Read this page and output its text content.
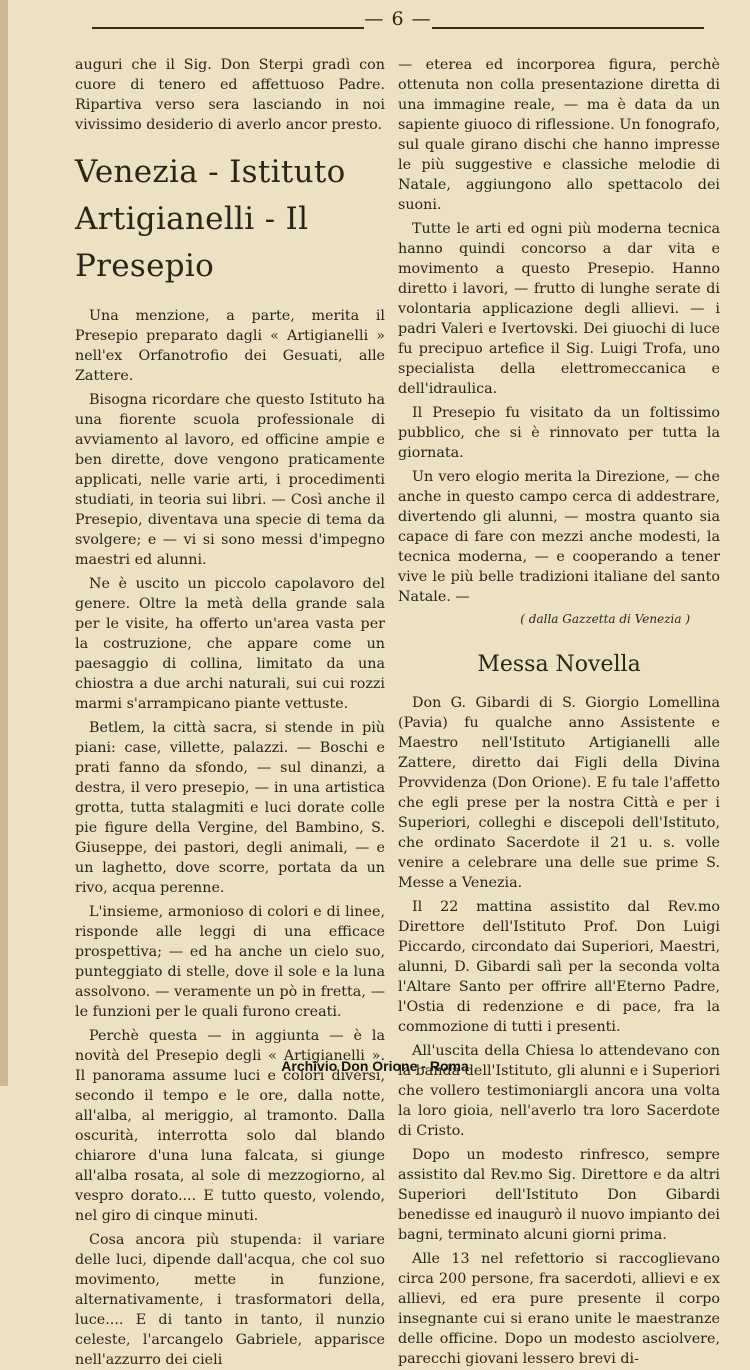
— 6 —

auguri che il Sig. Don Sterpi gradì con cuore di tenero ed affettuoso Padre. Ripartiva verso sera lasciando in noi vivissimo desiderio di averlo ancor presto.

Venezia - Istituto Artigianelli - Il Presepio

Una menzione, a parte, merita il Presepio preparato dagli « Artigianelli » nell'ex Orfanotrofio dei Gesuati, alle Zattere.

Bisogna ricordare che questo Istituto ha una fiorente scuola professionale di avviamento al lavoro, ed officine ampie e ben dirette, dove vengono praticamente applicati, nelle varie arti, i procedimenti studiati, in teoria sui libri. — Così anche il Presepio, diventava una specie di tema da svolgere; e — vi si sono messi d'impegno maestri ed alunni.

Ne è uscito un piccolo capolavoro del genere. Oltre la metà della grande sala per le visite, ha offerto un'area vasta per la costruzione, che appare come un paesaggio di collina, limitato da una chiostra a due archi naturali, sui cui rozzi marmi s'arrampicano piante vettuste.

Betlem, la città sacra, si stende in più piani: case, villette, palazzi. — Boschi e prati fanno da sfondo, — sul dinanzi, a destra, il vero presepio, — in una artistica grotta, tutta stalagmiti e luci dorate colle pie figure della Vergine, del Bambino, S. Giuseppe, dei pastori, degli animali, — e un laghetto, dove scorre, portata da un rivo, acqua perenne.

L'insieme, armonioso di colori e di linee, risponde alle leggi di una efficace prospettiva; — ed ha anche un cielo suo, punteggiato di stelle, dove il sole e la luna assolvono. — veramente un pò in fretta, — le funzioni per le quali furono creati.

Perchè questa — in aggiunta — è la novità del Presepio degli « Artigianelli ». Il panorama assume luci e colori diversi, secondo il tempo e le ore, dalla notte, all'alba, al meriggio, al tramonto. Dalla oscurità, interrotta solo dal blando chiarore d'una luna falcata, si giunge all'alba rosata, al sole di mezzogiorno, al vespro dorato.... E tutto questo, volendo, nel giro di cinque minuti.

Cosa ancora più stupenda: il variare delle luci, dipende dall'acqua, che col suo movimento, mette in funzione, alternativamente, i trasformatori della, luce.... E di tanto in tanto, il nunzio celeste, l'arcangelo Gabriele, apparisce nell'azzurro dei cieli

— eterea ed incorporea figura, perchè ottenuta non colla presentazione diretta di una immagine reale, — ma è data da un sapiente giuoco di riflessione. Un fonografo, sul quale girano dischi che hanno impresse le più suggestive e classiche melodie di Natale, aggiungono allo spettacolo dei suoni.

Tutte le arti ed ogni più moderna tecnica hanno quindi concorso a dar vita e movimento a questo Presepio. Hanno diretto i lavori, — frutto di lunghe serate di volontaria applicazione degli allievi. — i padri Valeri e Ivertovski. Dei giuochi di luce fu precipuo artefice il Sig. Luigi Trofa, uno specialista della elettromeccanica e dell'idraulica.

Il Presepio fu visitato da un foltissimo pubblico, che si è rinnovato per tutta la giornata.

Un vero elogio merita la Direzione, — che anche in questo campo cerca di addestrare, divertendo gli alunni, — mostra quanto sia capace di fare con mezzi anche modesti, la tecnica moderna, — e cooperando a tener vive le più belle tradizioni italiane del santo Natale. —

( dalla Gazzetta di Venezia )

Messa Novella

Don G. Gibardi di S. Giorgio Lomellina (Pavia) fu qualche anno Assistente e Maestro nell'Istituto Artigianelli alle Zattere, diretto dai Figli della Divina Provvidenza (Don Orione). E fu tale l'affetto che egli prese per la nostra Città e per i Superiori, colleghi e discepoli dell'Istituto, che ordinato Sacerdote il 21 u. s. volle venire a celebrare una delle sue prime S. Messe a Venezia.

Il 22 mattina assistito dal Rev.mo Direttore dell'Istituto Prof. Don Luigi Piccardo, circondato dai Superiori, Maestri, alunni, D. Gibardi salì per la seconda volta l'Altare Santo per offrire all'Eterno Padre, l'Ostia di redenzione e di pace, fra la commozione di tutti i presenti.

All'uscita della Chiesa lo attendevano con la banda dell'Istituto, gli alunni e i Superiori che vollero testimoniargli ancora una volta la loro gioia, nell'averlo tra loro Sacerdote di Cristo.

Dopo un modesto rinfresco, sempre assistito dal Rev.mo Sig. Direttore e da altri Superiori dell'Istituto Don Gibardi benedisse ed inaugurò il nuovo impianto dei bagni, terminato alcuni giorni prima.

Alle 13 nel refettorio si raccoglievano circa 200 persone, fra sacerdoti, allievi e ex allievi, ed era pure presente il corpo insegnante cui si erano unite le maestranze delle officine. Dopo un modesto asciolvere, parecchi giovani lessero brevi di-

Archivio Don Orione - Roma
